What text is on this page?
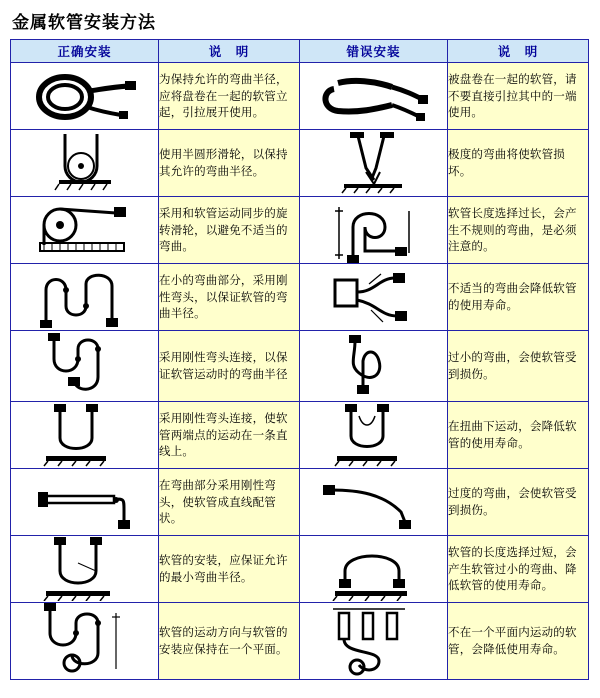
金属软管安装方法
正确安装	说　明	错误安装	说　明

	为保持允许的弯曲半径，应将盘卷在一起的软管立起，引拉展开使用。		被盘卷在一起的软管，请不要直接引拉其中的一端使用。

	使用半圆形滑轮，以保持其允许的弯曲半径。		极度的弯曲将使软管损坏。

	采用和软管运动同步的旋转滑轮，以避免不适当的弯曲。		软管长度选择过长，会产生不规则的弯曲，是必须注意的。

	在小的弯曲部分，采用刚性弯头，以保证软管的弯曲半径。		不适当的弯曲会降低软管的使用寿命。

	采用刚性弯头连接，以保证软管运动时的弯曲半径		过小的弯曲，会使软管受到损伤。

	采用刚性弯头连接，使软管两端点的运动在一条直线上。		在扭曲下运动，会降低软管的使用寿命。

	在弯曲部分采用刚性弯头，使软管成直线配管状。		过度的弯曲，会使软管受到损伤。

	软管的安装，应保证允许的最小弯曲半径。		软管的长度选择过短，会产生软管过小的弯曲、降低软管的使用寿命。

	软管的运动方向与软管的安装应保持在一个平面。		不在一个平面内运动的软管，会降低使用寿命。
